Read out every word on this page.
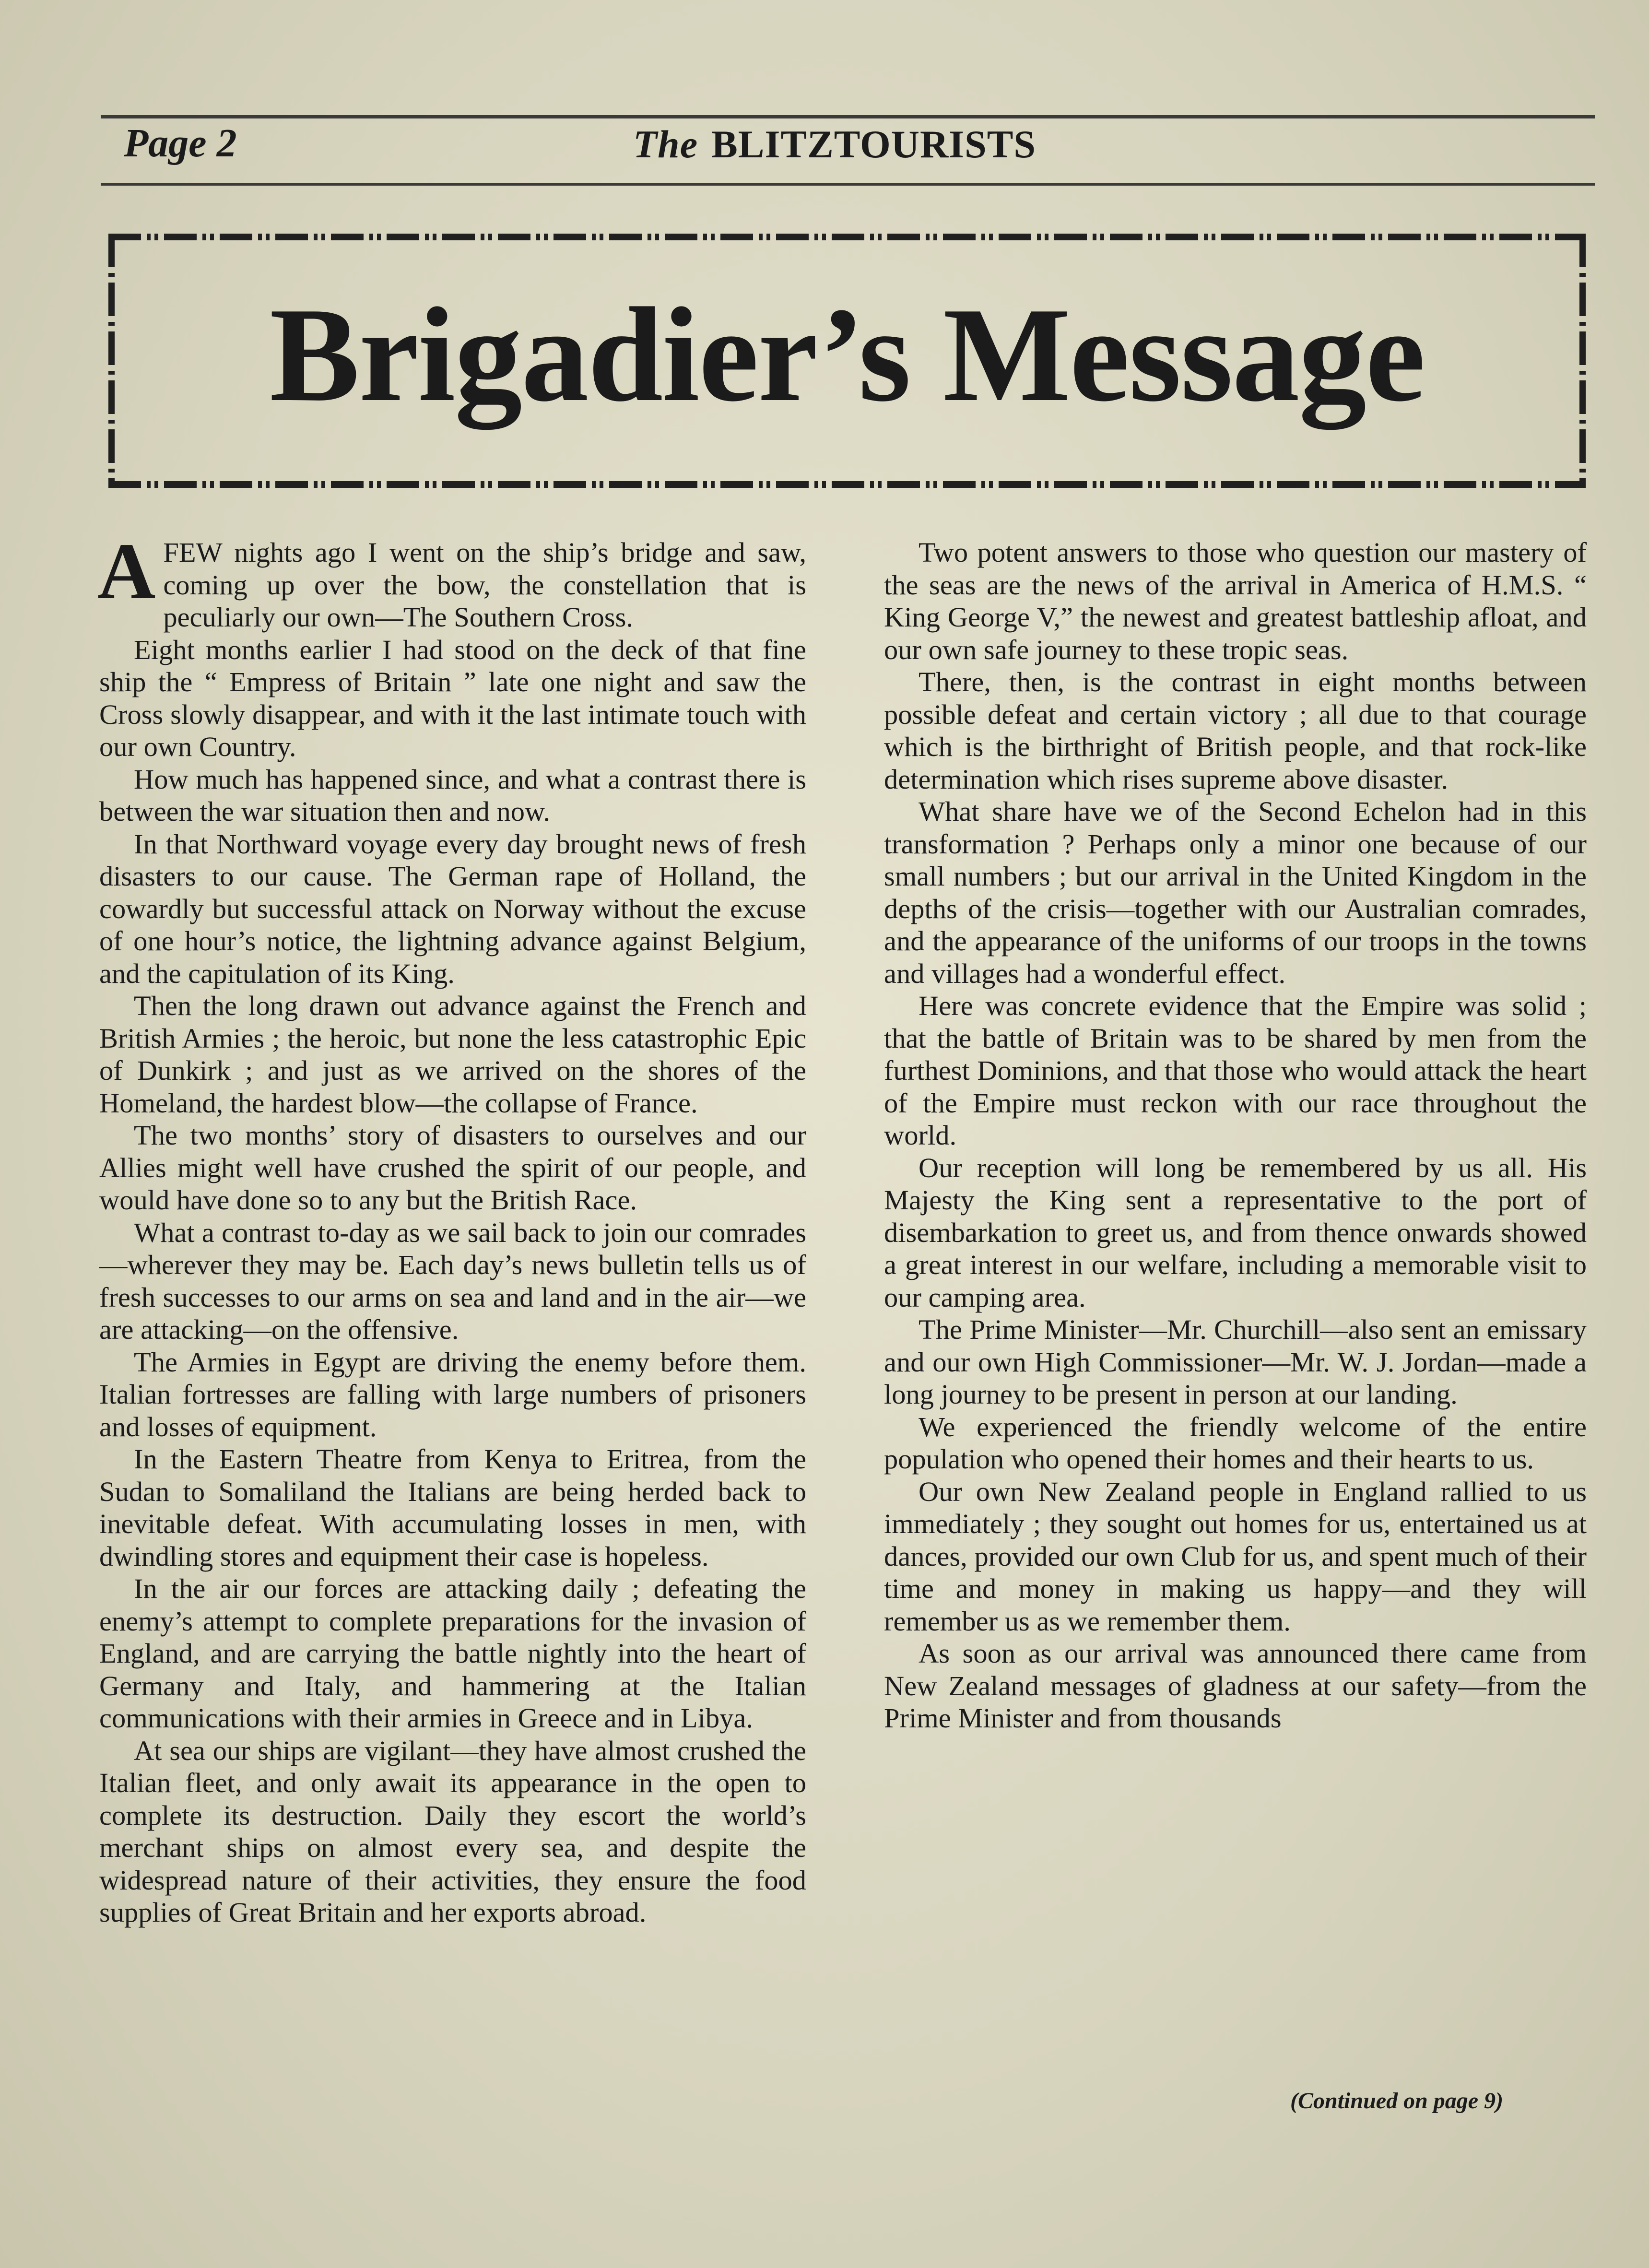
Page 2	The BLITZTOURISTS
Brigadier’s Message

AFEW nights ago I went on the ship’s bridge and saw, coming up over the bow, the constellation that is peculiarly our own—The Southern Cross.

Eight months earlier I had stood on the deck of that fine ship the “ Empress of Britain ” late one night and saw the Cross slowly disappear, and with it the last intimate touch with our own Country.

How much has happened since, and what a contrast there is between the war situation then and now.

In that Northward voyage every day brought news of fresh disasters to our cause. The German rape of Holland, the cowardly but successful attack on Norway without the excuse of one hour’s notice, the lightning advance against Belgium, and the capitulation of its King.

Then the long drawn out advance against the French and British Armies ; the heroic, but none the less catastrophic Epic of Dunkirk ; and just as we arrived on the shores of the Homeland, the hardest blow—the collapse of France.

The two months’ story of disasters to ourselves and our Allies might well have crushed the spirit of our people, and would have done so to any but the British Race.

What a contrast to-day as we sail back to join our comrades—wherever they may be. Each day’s news bulletin tells us of fresh successes to our arms on sea and land and in the air—we are attacking—on the offensive.

The Armies in Egypt are driving the enemy before them. Italian fortresses are falling with large numbers of prisoners and losses of equipment.

In the Eastern Theatre from Kenya to Eritrea, from the Sudan to Somaliland the Italians are being herded back to inevitable defeat. With accumulating losses in men, with dwindling stores and equipment their case is hopeless.

In the air our forces are attacking daily ; defeating the enemy’s attempt to complete preparations for the invasion of England, and are carrying the battle nightly into the heart of Germany and Italy, and hammering at the Italian communications with their armies in Greece and in Libya.

At sea our ships are vigilant—they have almost crushed the Italian fleet, and only await its appearance in the open to complete its destruction. Daily they escort the world’s merchant ships on almost every sea, and despite the widespread nature of their activities, they ensure the food supplies of Great Britain and her exports abroad.

Two potent answers to those who question our mastery of the seas are the news of the arrival in America of H.M.S. “ King George V,” the newest and greatest battleship afloat, and our own safe journey to these tropic seas.

There, then, is the contrast in eight months between possible defeat and certain victory ; all due to that courage which is the birthright of British people, and that rock-like determination which rises supreme above disaster.

What share have we of the Second Echelon had in this transformation ? Perhaps only a minor one because of our small numbers ; but our arrival in the United Kingdom in the depths of the crisis—together with our Australian comrades, and the appearance of the uniforms of our troops in the towns and villages had a wonderful effect.

Here was concrete evidence that the Empire was solid ; that the battle of Britain was to be shared by men from the furthest Dominions, and that those who would attack the heart of the Empire must reckon with our race throughout the world.

Our reception will long be remembered by us all. His Majesty the King sent a representative to the port of disembarkation to greet us, and from thence onwards showed a great interest in our welfare, including a memorable visit to our camping area.

The Prime Minister—Mr. Churchill—also sent an emissary and our own High Commissioner—Mr. W. J. Jordan—made a long journey to be present in person at our landing.

We experienced the friendly welcome of the entire population who opened their homes and their hearts to us.

Our own New Zealand people in England rallied to us immediately ; they sought out homes for us, entertained us at dances, provided our own Club for us, and spent much of their time and money in making us happy—and they will remember us as we remember them.

As soon as our arrival was announced there came from New Zealand messages of gladness at our safety—from the Prime Minister and from thousands

(Continued on page 9)
